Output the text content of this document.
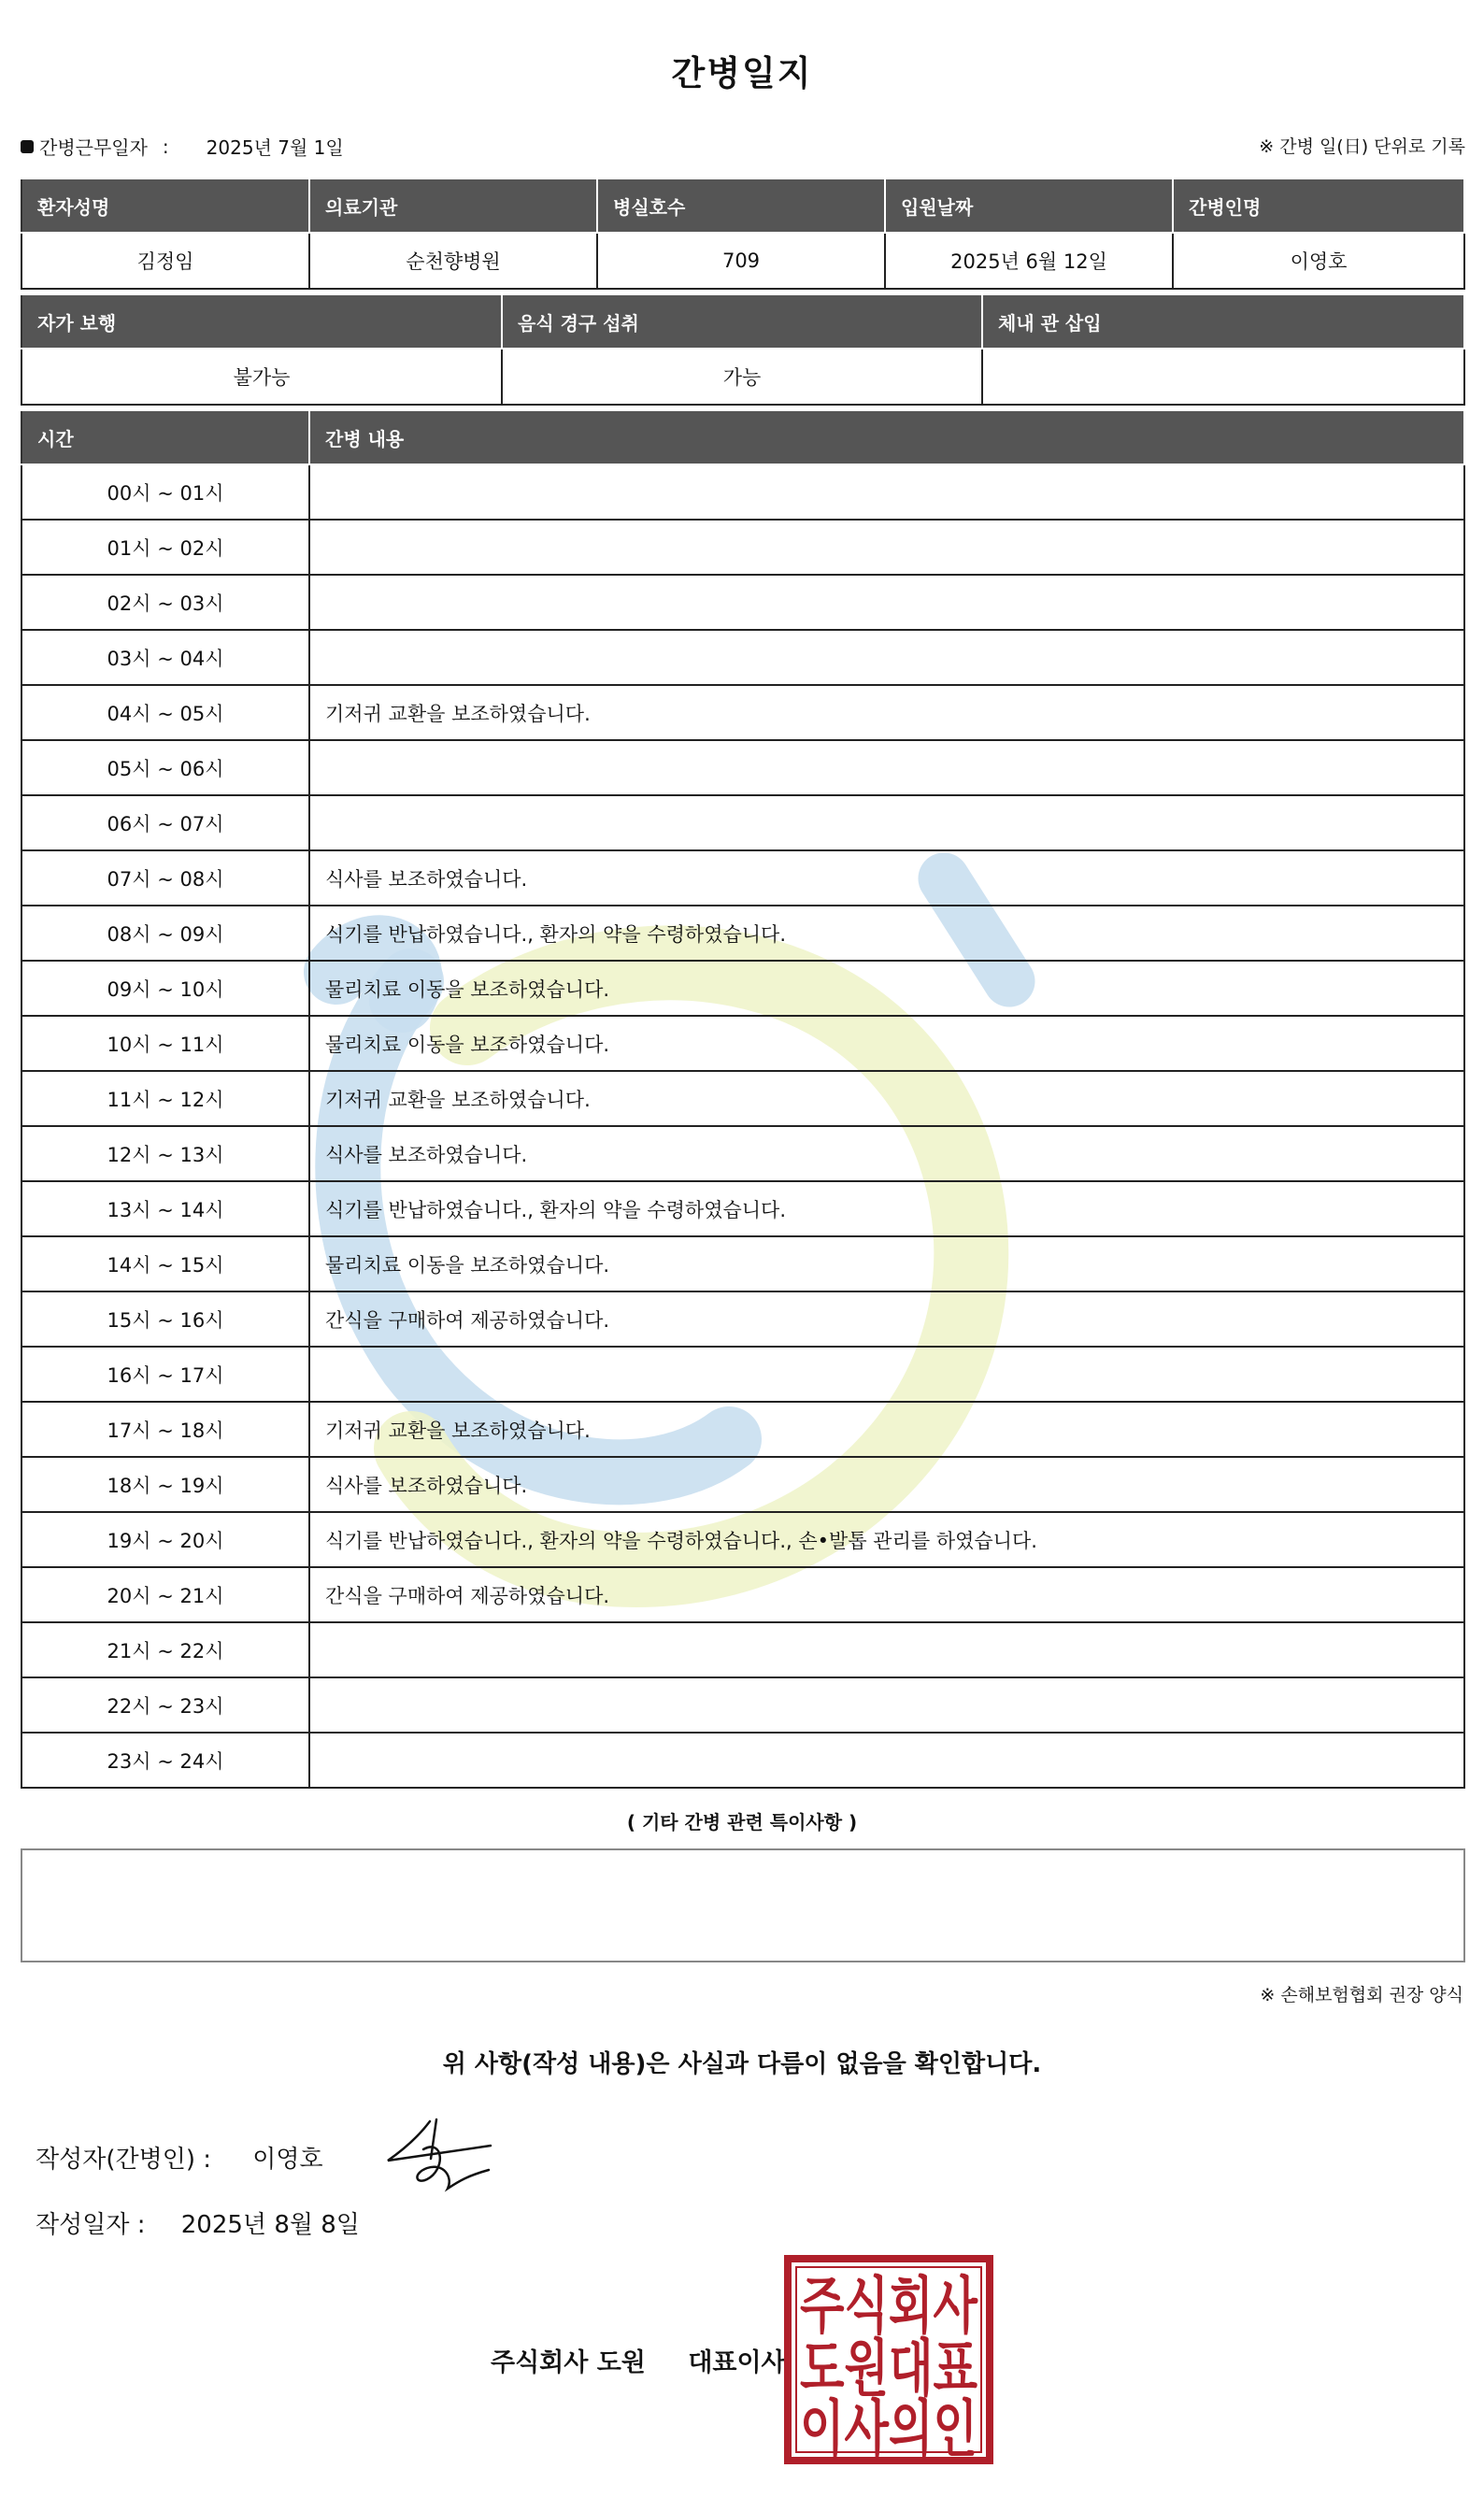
간병일지
간병근무일자 : 2025년 7월 1일	※ 간병 일(日) 단위로 기록
환자성명	의료기관	병실호수	입원날짜	간병인명
김정임	순천향병원	709	2025년 6월 12일	이영호
자가 보행	음식 경구 섭취	체내 관 삽입
불가능	가능	
시간	간병 내용
00시 ~ 01시	
01시 ~ 02시	
02시 ~ 03시	
03시 ~ 04시	
04시 ~ 05시	기저귀 교환을 보조하였습니다.
05시 ~ 06시	
06시 ~ 07시	
07시 ~ 08시	식사를 보조하였습니다.
08시 ~ 09시	식기를 반납하였습니다., 환자의 약을 수령하였습니다.
09시 ~ 10시	물리치료 이동을 보조하였습니다.
10시 ~ 11시	물리치료 이동을 보조하였습니다.
11시 ~ 12시	기저귀 교환을 보조하였습니다.
12시 ~ 13시	식사를 보조하였습니다.
13시 ~ 14시	식기를 반납하였습니다., 환자의 약을 수령하였습니다.
14시 ~ 15시	물리치료 이동을 보조하였습니다.
15시 ~ 16시	간식을 구매하여 제공하였습니다.
16시 ~ 17시	
17시 ~ 18시	기저귀 교환을 보조하였습니다.
18시 ~ 19시	식사를 보조하였습니다.
19시 ~ 20시	식기를 반납하였습니다., 환자의 약을 수령하였습니다., 손•발톱 관리를 하였습니다.
20시 ~ 21시	간식을 구매하여 제공하였습니다.
21시 ~ 22시	
22시 ~ 23시	
23시 ~ 24시	
( 기타 간병 관련 특이사항 )
※ 손해보험협회 권장 양식
위 사항(작성 내용)은 사실과 다름이 없음을 확인합니다.
작성자(간병인) : 이영호
작성일자 : 2025년 8월 8일
주식회사 도원 대표이사
주식회사
도원대표
이사의인
